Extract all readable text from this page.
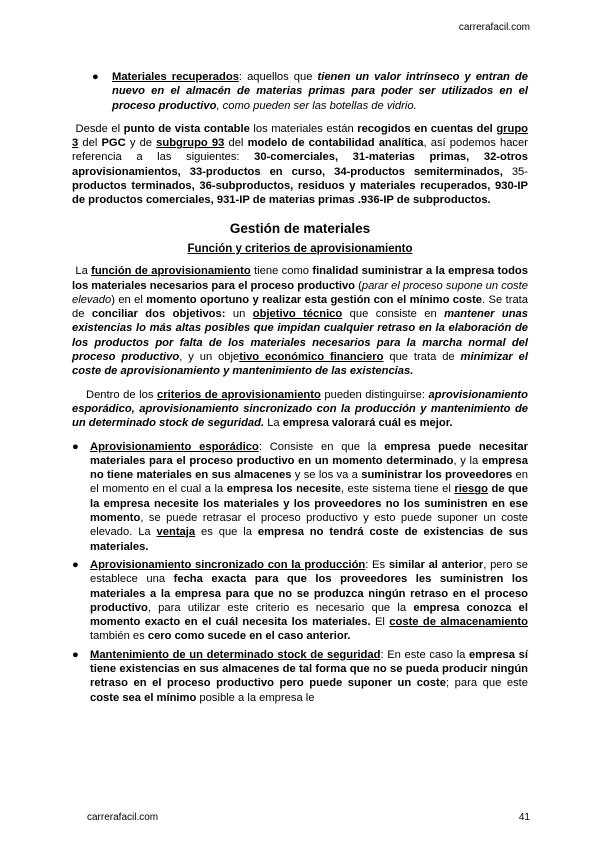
carrerafacil.com

● Materiales recuperados: aquellos que tienen un valor intrínseco y entran de nuevo en el almacén de materias primas para poder ser utilizados en el proceso productivo, como pueden ser las botellas de vidrio.

Desde el punto de vista contable los materiales están recogidos en cuentas del grupo 3 del PGC y de subgrupo 93 del modelo de contabilidad analítica, así podemos hacer referencia a las siguientes: 30-comerciales, 31-materias primas, 32-otros aprovisionamientos, 33-productos en curso, 34-productos semiterminados, 35- productos terminados, 36-subproductos, residuos y materiales recuperados, 930-IP de productos comerciales, 931-IP de materias primas .936-IP de subproductos.

Gestión de materiales
Función y criterios de aprovisionamiento

La función de aprovisionamiento tiene como finalidad suministrar a la empresa todos los materiales necesarios para el proceso productivo (parar el proceso supone un coste elevado) en el momento oportuno y realizar esta gestión con el mínimo coste. Se trata de conciliar dos objetivos: un objetivo técnico que consiste en mantener unas existencias lo más altas posibles que impidan cualquier retraso en la elaboración de los productos por falta de los materiales necesarios para la marcha normal del proceso productivo, y un objetivo económico financiero que trata de minimizar el coste de aprovisionamiento y mantenimiento de las existencias.

Dentro de los criterios de aprovisionamiento pueden distinguirse: aprovisionamiento esporádico, aprovisionamiento sincronizado con la producción y mantenimiento de un determinado stock de seguridad. La empresa valorará cuál es mejor.

● Aprovisionamiento esporádico: Consiste en que la empresa puede necesitar materiales para el proceso productivo en un momento determinado, y la empresa no tiene materiales en sus almacenes y se los va a suministrar los proveedores en el momento en el cual a la empresa los necesite, este sistema tiene el riesgo de que la empresa necesite los materiales y los proveedores no los suministren en ese momento, se puede retrasar el proceso productivo y esto puede suponer un coste elevado. La ventaja es que la empresa no tendrá coste de existencias de sus materiales.

● Aprovisionamiento sincronizado con la producción: Es similar al anterior, pero se establece una fecha exacta para que los proveedores les suministren los materiales a la empresa para que no se produzca ningún retraso en el proceso productivo, para utilizar este criterio es necesario que la empresa conozca el momento exacto en el cuál necesita los materiales. El coste de almacenamiento también es cero como sucede en el caso anterior.

● Mantenimiento de un determinado stock de seguridad: En este caso la empresa sí tiene existencias en sus almacenes de tal forma que no se pueda producir ningún retraso en el proceso productivo pero puede suponer un coste; para que este coste sea el mínimo posible a la empresa le

carrerafacil.com	41
